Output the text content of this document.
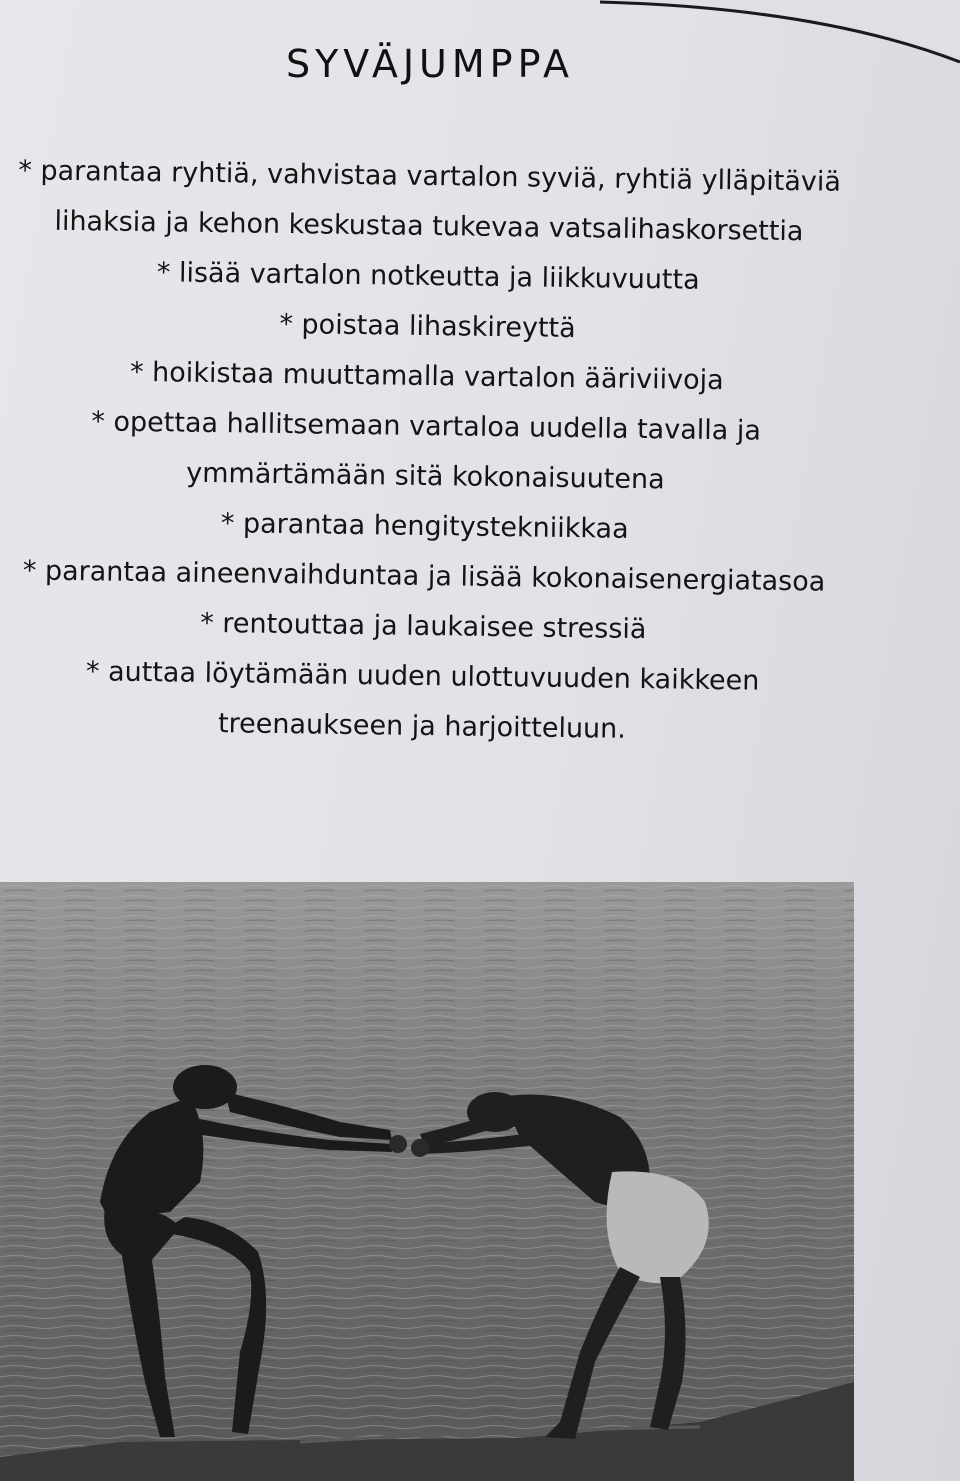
SYVÄJUMPPA
* parantaa ryhtiä, vahvistaa vartalon syviä, ryhtiä ylläpitäviä
lihaksia ja kehon keskustaa tukevaa vatsalihaskorsettia
* lisää vartalon notkeutta ja liikkuvuutta
* poistaa lihaskireyttä
* hoikistaa muuttamalla vartalon ääriviivoja
* opettaa hallitsemaan vartaloa uudella tavalla ja
ymmärtämään sitä kokonaisuutena
* parantaa hengitystekniikkaa
* parantaa aineenvaihduntaa ja lisää kokonaisenergiatasoa
* rentouttaa ja laukaisee stressiä
* auttaa löytämään uuden ulottuvuuden kaikkeen
treenaukseen ja harjoitteluun.
